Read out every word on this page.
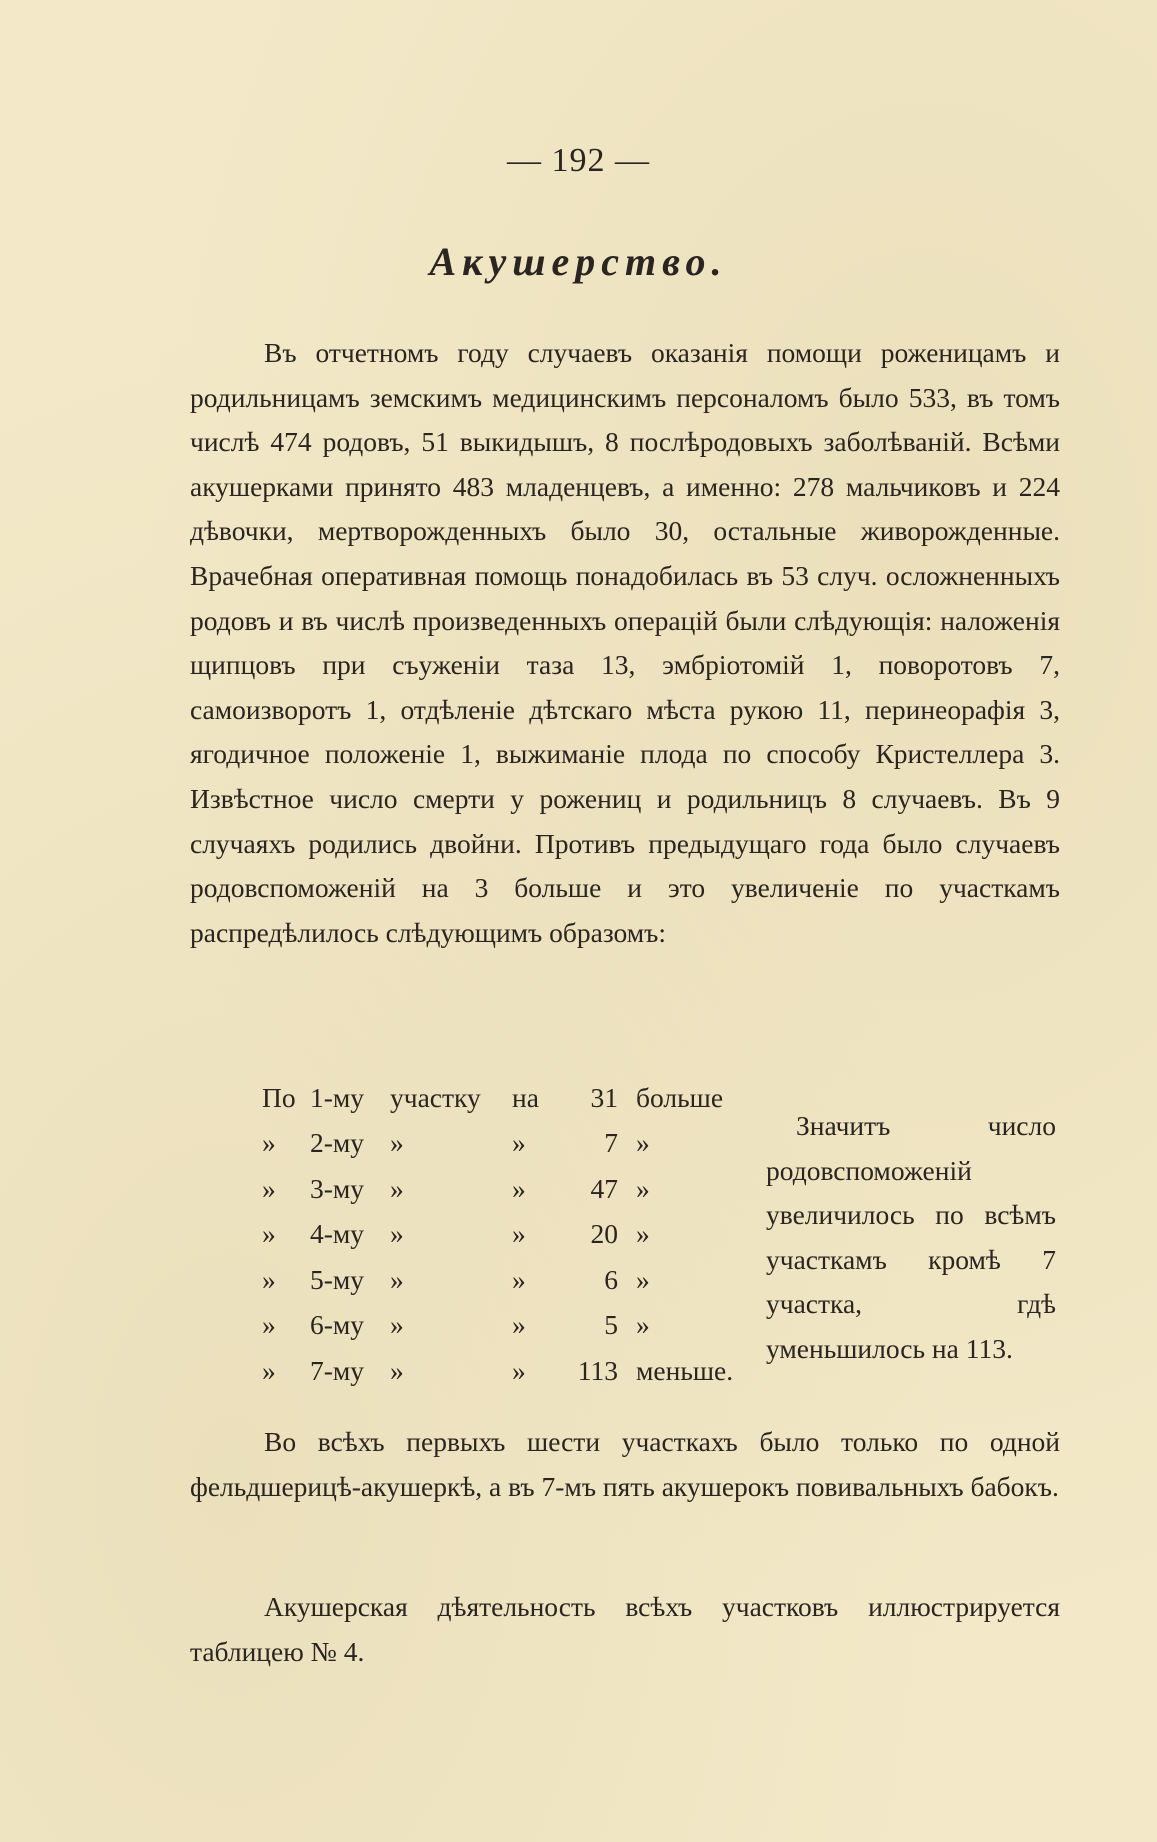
— 192 —
Акушерство.

Въ отчетномъ году случаевъ оказанія помощи роженицамъ и родильницамъ земскимъ медицинскимъ персоналомъ было 533, въ томъ числѣ 474 родовъ, 51 выкидышъ, 8 послѣродовыхъ заболѣваній. Всѣми акушерками принято 483 младенцевъ, а именно: 278 мальчиковъ и 224 дѣвочки, мертворожденныхъ было 30, остальные живорожденные. Врачебная оперативная помощь понадобилась въ 53 случ. осложненныхъ родовъ и въ числѣ произведенныхъ операцій были слѣдующія: наложенія щипцовъ при съуженіи таза 13, эмбріотомій 1, поворотовъ 7, самоизворотъ 1, отдѣленіе дѣтскаго мѣста рукою 11, перинеорафія 3, ягодичное положеніе 1, выжиманіе плода по способу Кристеллера 3. Извѣстное число смерти у рожениц и родильницъ 8 случаевъ. Въ 9 случаяхъ родились двойни. Противъ предыдущаго года было случаевъ родовспоможеній на 3 больше и это увеличеніе по участкамъ распредѣлилось слѣдующимъ образомъ:

По	1-му	участку	на	31	больше
»	2-му	»	»	7	»
»	3-му	»	»	47	»
»	4-му	»	»	20	»
»	5-му	»	»	6	»
»	6-му	»	»	5	»
»	7-му	»	»	113	меньше.

Значитъ число родовспоможеній увеличилось по всѣмъ участкамъ кромѣ 7 участка, гдѣ уменьшилось на 113.

Во всѣхъ первыхъ шести участкахъ было только по одной фельдшерицѣ-акушеркѣ, а въ 7-мъ пять акушерокъ повивальныхъ бабокъ.

Акушерская дѣятельность всѣхъ участковъ иллюстрируется таблицею № 4.
